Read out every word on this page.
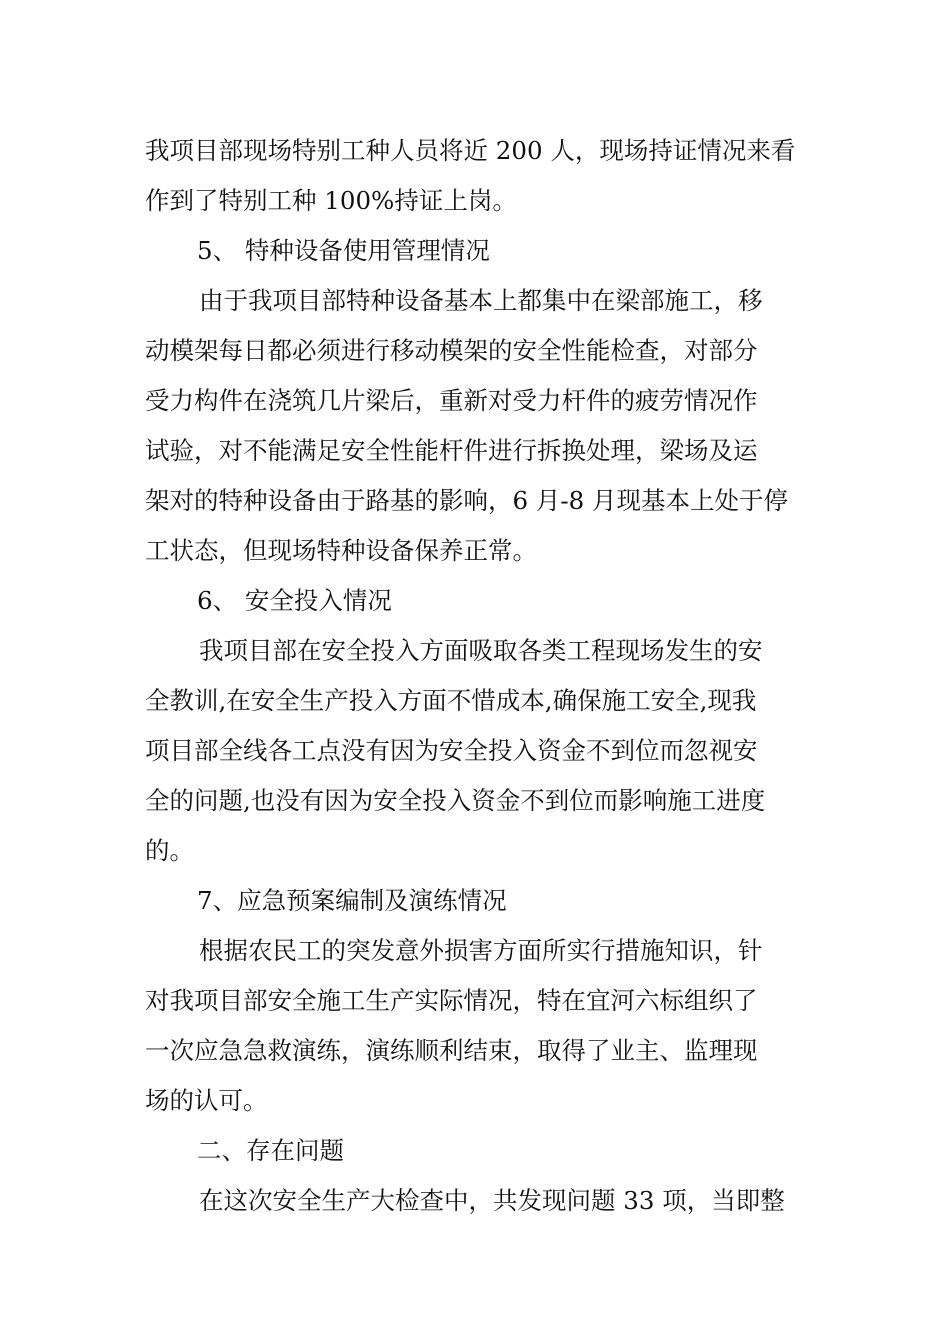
我项目部现场特别工种人员将近 200 人，现场持证情况来看
作到了特别工种 100%持证上岗。
5、 特种设备使用管理情况
由于我项目部特种设备基本上都集中在梁部施工，移
动模架每日都必须进行移动模架的安全性能检查，对部分
受力构件在浇筑几片梁后，重新对受力杆件的疲劳情况作
试验，对不能满足安全性能杆件进行拆换处理，梁场及运
架对的特种设备由于路基的影响，6 月-8 月现基本上处于停
工状态，但现场特种设备保养正常。
6、 安全投入情况
我项目部在安全投入方面吸取各类工程现场发生的安
全教训,在安全生产投入方面不惜成本,确保施工安全,现我
项目部全线各工点没有因为安全投入资金不到位而忽视安
全的问题,也没有因为安全投入资金不到位而影响施工进度
的。
7、应急预案编制及演练情况
根据农民工的突发意外损害方面所实行措施知识，针
对我项目部安全施工生产实际情况，特在宜河六标组织了
一次应急急救演练，演练顺利结束，取得了业主、监理现
场的认可。
二、存在问题
在这次安全生产大检查中，共发现问题 33 项，当即整
